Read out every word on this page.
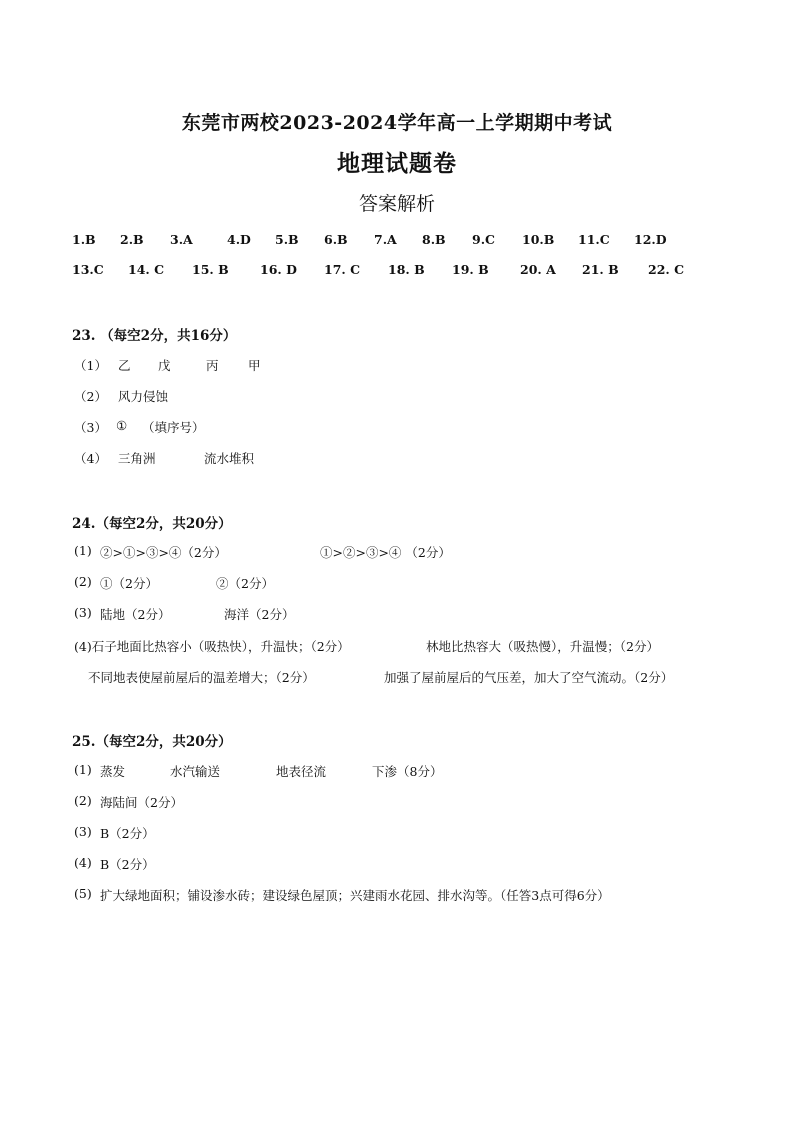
东莞市两校2023-2024学年高一上学期期中考试
地理试题卷
答案解析
1.B 2.B 3.A	4.D 5.B 6.B 7.A 8.B 9.C 10.B 11.C 12.D
13.C 14. C 15. B	16. D 17. C 18. B 19. B	20. A 21. B 22. C
23. （每空2分，共16分）
（1） 乙 戊	丙 甲
（2） 风力侵蚀
（3） ① （填序号）
（4） 三角洲	流水堆积
24.（每空2分，共20分）
(1) ②>①>③>④（2分）	①>②>③>④ （2分）
(2) ①（2分）	②（2分）
(3) 陆地（2分）	海洋（2分）
(4)石子地面比热容小（吸热快），升温快；（2分）	林地比热容大（吸热慢），升温慢；（2分）
不同地表使屋前屋后的温差增大；（2分）	加强了屋前屋后的气压差，加大了空气流动。（2分）
25.（每空2分，共20分）
(1) 蒸发	水汽输送	地表径流	下渗（8分）
(2) 海陆间（2分）
(3) B（2分）
(4) B（2分）
(5) 扩大绿地面积；铺设渗水砖；建设绿色屋顶；兴建雨水花园、排水沟等。（任答3点可得6分）
